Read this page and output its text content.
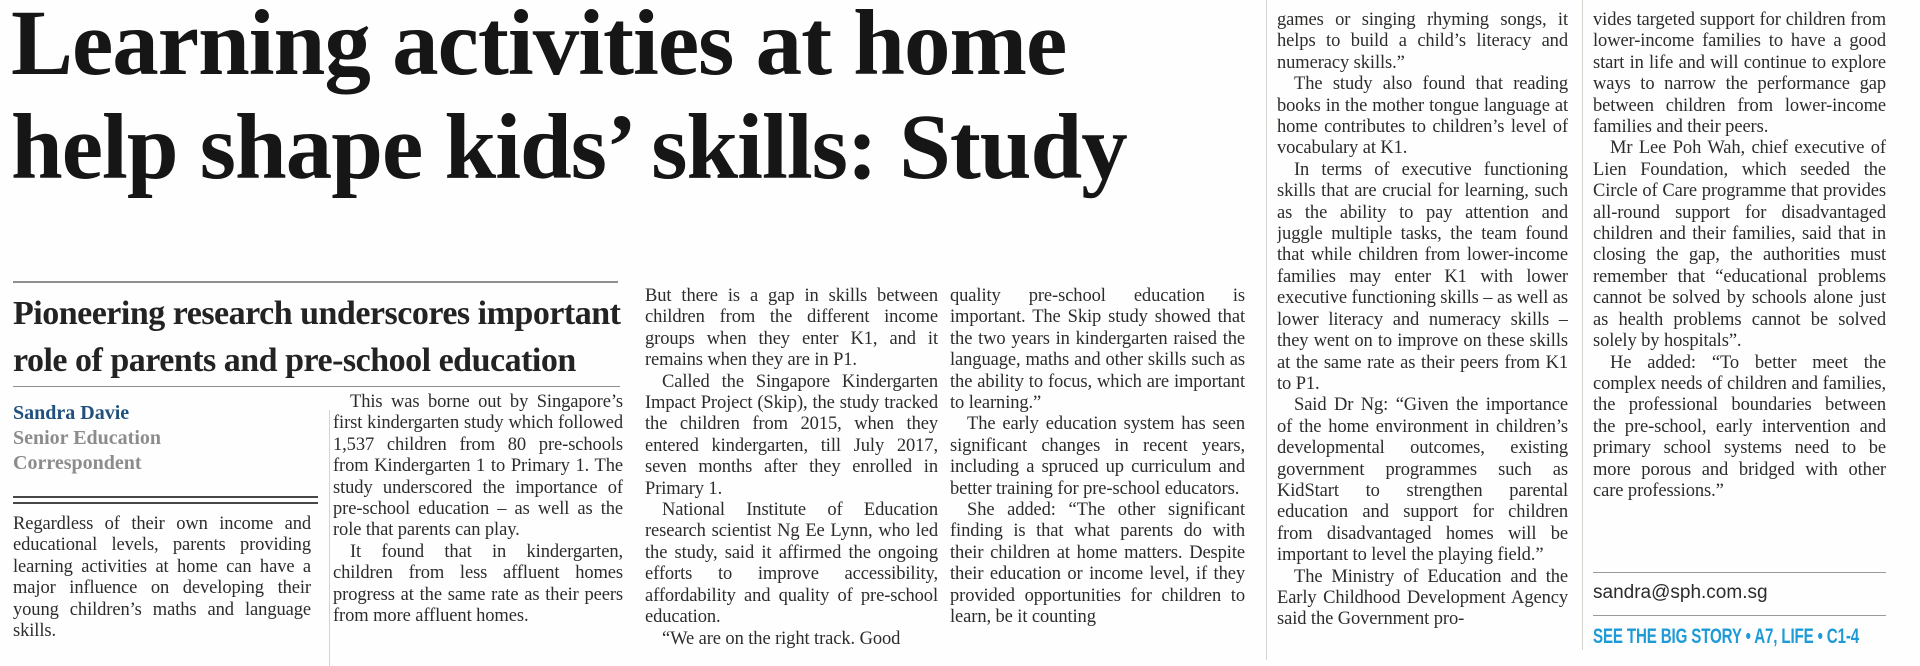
Learning activities at home
help shape kids’ skills: Study
Pioneering research underscores important
role of parents and pre-school education
Sandra Davie
Senior Education
Correspondent

Regardless of their own income and educational levels, parents providing learning activities at home can have a major influence on developing their young children’s maths and language skills.

This was borne out by Singapore’s first kindergarten study which followed 1,537 children from 80 pre-schools from Kindergarten 1 to Primary 1. The study underscored the importance of pre-school education – as well as the role that parents can play.

It found that in kindergarten, children from less affluent homes progress at the same rate as their peers from more affluent homes.

But there is a gap in skills between children from the different income groups when they enter K1, and it remains when they are in P1.

Called the Singapore Kindergarten Impact Project (Skip), the study tracked the children from 2015, when they entered kindergarten, till July 2017, seven months after they enrolled in Primary 1.

National Institute of Education research scientist Ng Ee Lynn, who led the study, said it affirmed the ongoing efforts to improve accessibility, affordability and quality of pre-school education.

“We are on the right track. Good

quality pre-school education is important. The Skip study showed that the two years in kindergarten raised the language, maths and other skills such as the ability to focus, which are important to learning.”

The early education system has seen significant changes in recent years, including a spruced up curriculum and better training for pre-school educators.

She added: “The other significant finding is that what parents do with their children at home matters. Despite their education or income level, if they provided opportunities for children to learn, be it counting

games or singing rhyming songs, it helps to build a child’s literacy and numeracy skills.”

The study also found that reading books in the mother tongue language at home contributes to children’s level of vocabulary at K1.

In terms of executive functioning skills that are crucial for learning, such as the ability to pay attention and juggle multiple tasks, the team found that while children from lower-income families may enter K1 with lower executive functioning skills – as well as lower literacy and numeracy skills – they went on to improve on these skills at the same rate as their peers from K1 to P1.

Said Dr Ng: “Given the importance of the home environment in children’s developmental outcomes, existing government programmes such as KidStart to strengthen parental education and support for children from disadvantaged homes will be important to level the playing field.”

The Ministry of Education and the Early Childhood Development Agency said the Government pro-

vides targeted support for children from lower-income families to have a good start in life and will continue to explore ways to narrow the performance gap between children from lower-income families and their peers.

Mr Lee Poh Wah, chief executive of Lien Foundation, which seeded the Circle of Care programme that provides all-round support for disadvantaged children and their families, said that in closing the gap, the authorities must remember that “educational problems cannot be solved by schools alone just as health problems cannot be solved solely by hospitals”.

He added: “To better meet the complex needs of children and families, the professional boundaries between the pre-school, early intervention and primary school systems need to be more porous and bridged with other care professions.”

sandra@sph.com.sg
SEE THE BIG STORY • A7, LIFE • C1-4
